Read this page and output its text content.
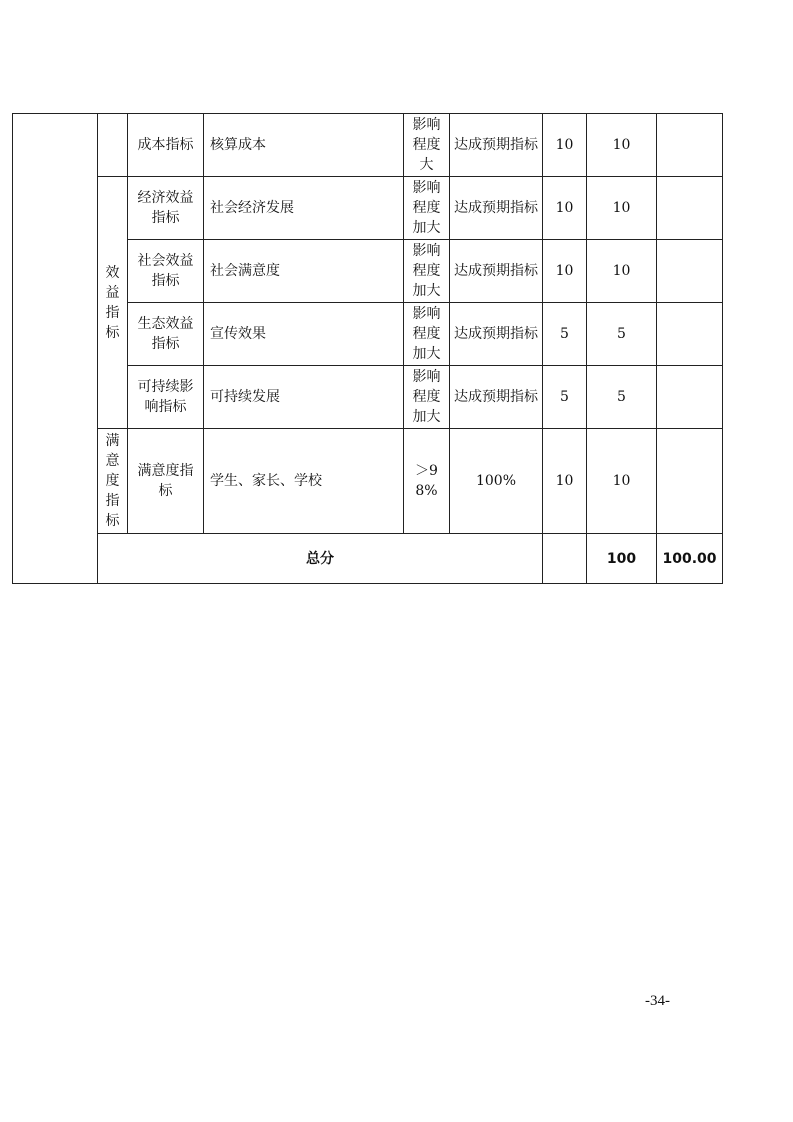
		成本指标	核算成本	影响程度大	达成预期指标	10	10		
	效益指标	经济效益指标	社会经济发展	影响程度加大	达成预期指标	10	10		
		社会效益指标	社会满意度	影响程度加大	达成预期指标	10	10		
		生态效益指标	宣传效果	影响程度加大	达成预期指标	5	5		
		可持续影响指标	可持续发展	影响程度加大	达成预期指标	5	5		
	满意度指标	满意度指标	学生、家长、学校	＞98%	100%	10	10		
	总分						100	100.00	
-34-
